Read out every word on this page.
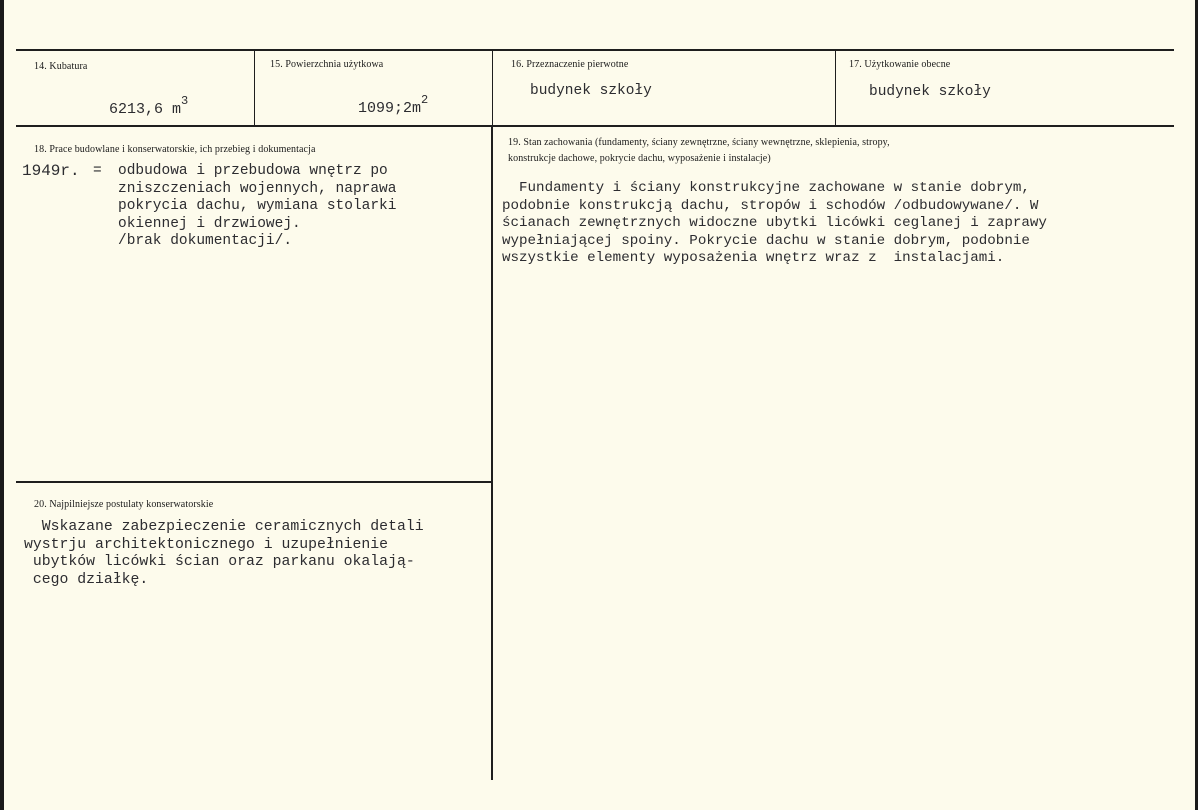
14. Kubatura

6213,6 $m^3$

15. Powierzchnia użytkowa

$1099;2m^2$

16. Przeznaczenie pierwotne
budynek szkoły
17. Użytkowanie obecne
budynek szkoły
18. Prace budowlane i konserwatorskie, ich przebieg i dokumentacja
1949r. = odbudowa i przebudowa wnętrz po
zniszczeniach wojennych, naprawa
pokrycia dachu, wymiana stolarki
okiennej i drzwiowej.
/brak dokumentacji/.
19. Stan zachowania (fundamenty, ściany zewnętrzne, ściany wewnętrzne, sklepienia, stropy,
konstrukcje dachowe, pokrycie dachu, wyposażenie i instalacje)
Fundamenty i ściany konstrukcyjne zachowane w stanie dobrym,
podobnie konstrukcją dachu, stropów i schodów /odbudowywane/. W
ścianach zewnętrznych widoczne ubytki licówki ceglanej i zaprawy
wypełniającej spoiny. Pokrycie dachu w stanie dobrym, podobnie
wszystkie elementy wyposażenia wnętrz wraz z  instalacjami.
20. Najpilniejsze postulaty konserwatorskie
Wskazane zabezpieczenie ceramicznych detali
wystrju architektonicznego i uzupełnienie
ubytków licówki ścian oraz parkanu okalają-
cego działkę.
